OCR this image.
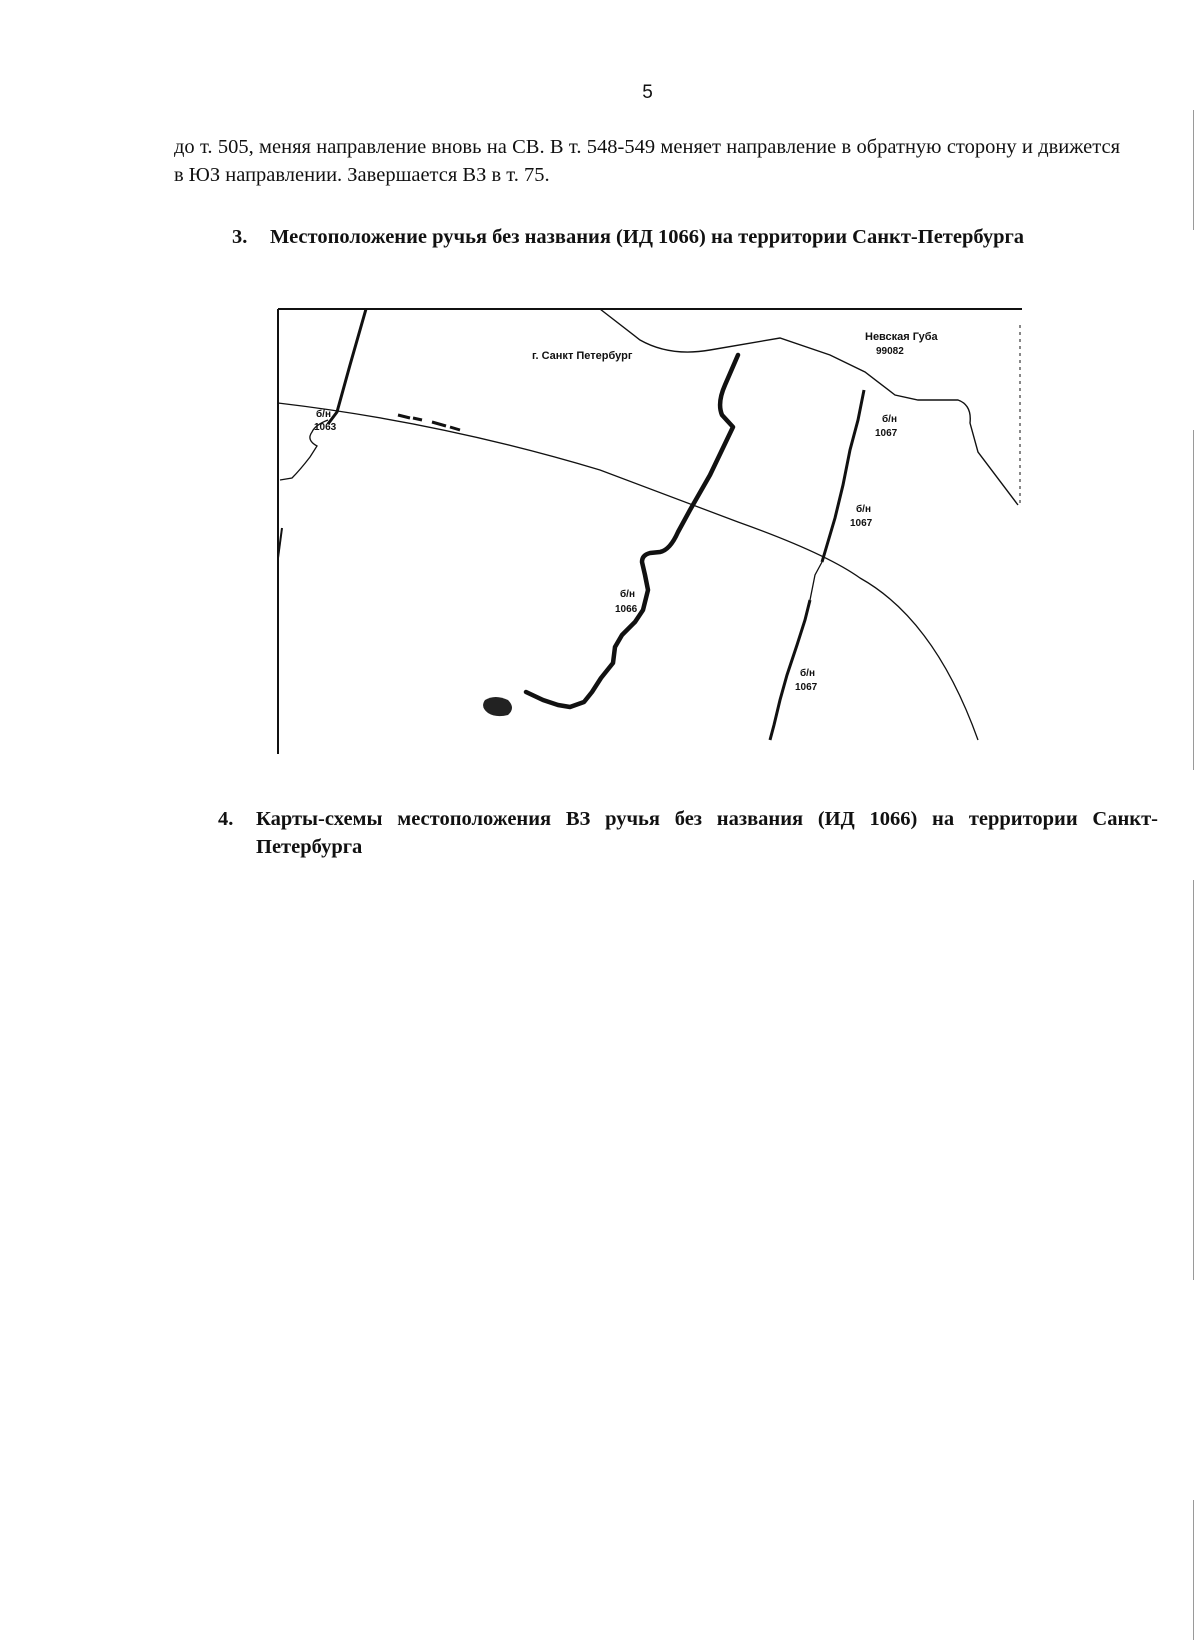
5

до т. 505, меняя направление вновь на СВ. В т. 548-549 меняет направление в обратную сторону и движется в ЮЗ направлении. Завершается ВЗ в т. 75.

3. Местоположение ручья без названия (ИД 1066) на территории Санкт-Петербурга

г. Санкт Петербург
Невская Губа
99082
б/н
1063
б/н
1066
б/н
1067
б/н
1067
б/н
1067

4. Карты-схемы местоположения ВЗ ручья без названия (ИД 1066) на территории Санкт-Петербурга
